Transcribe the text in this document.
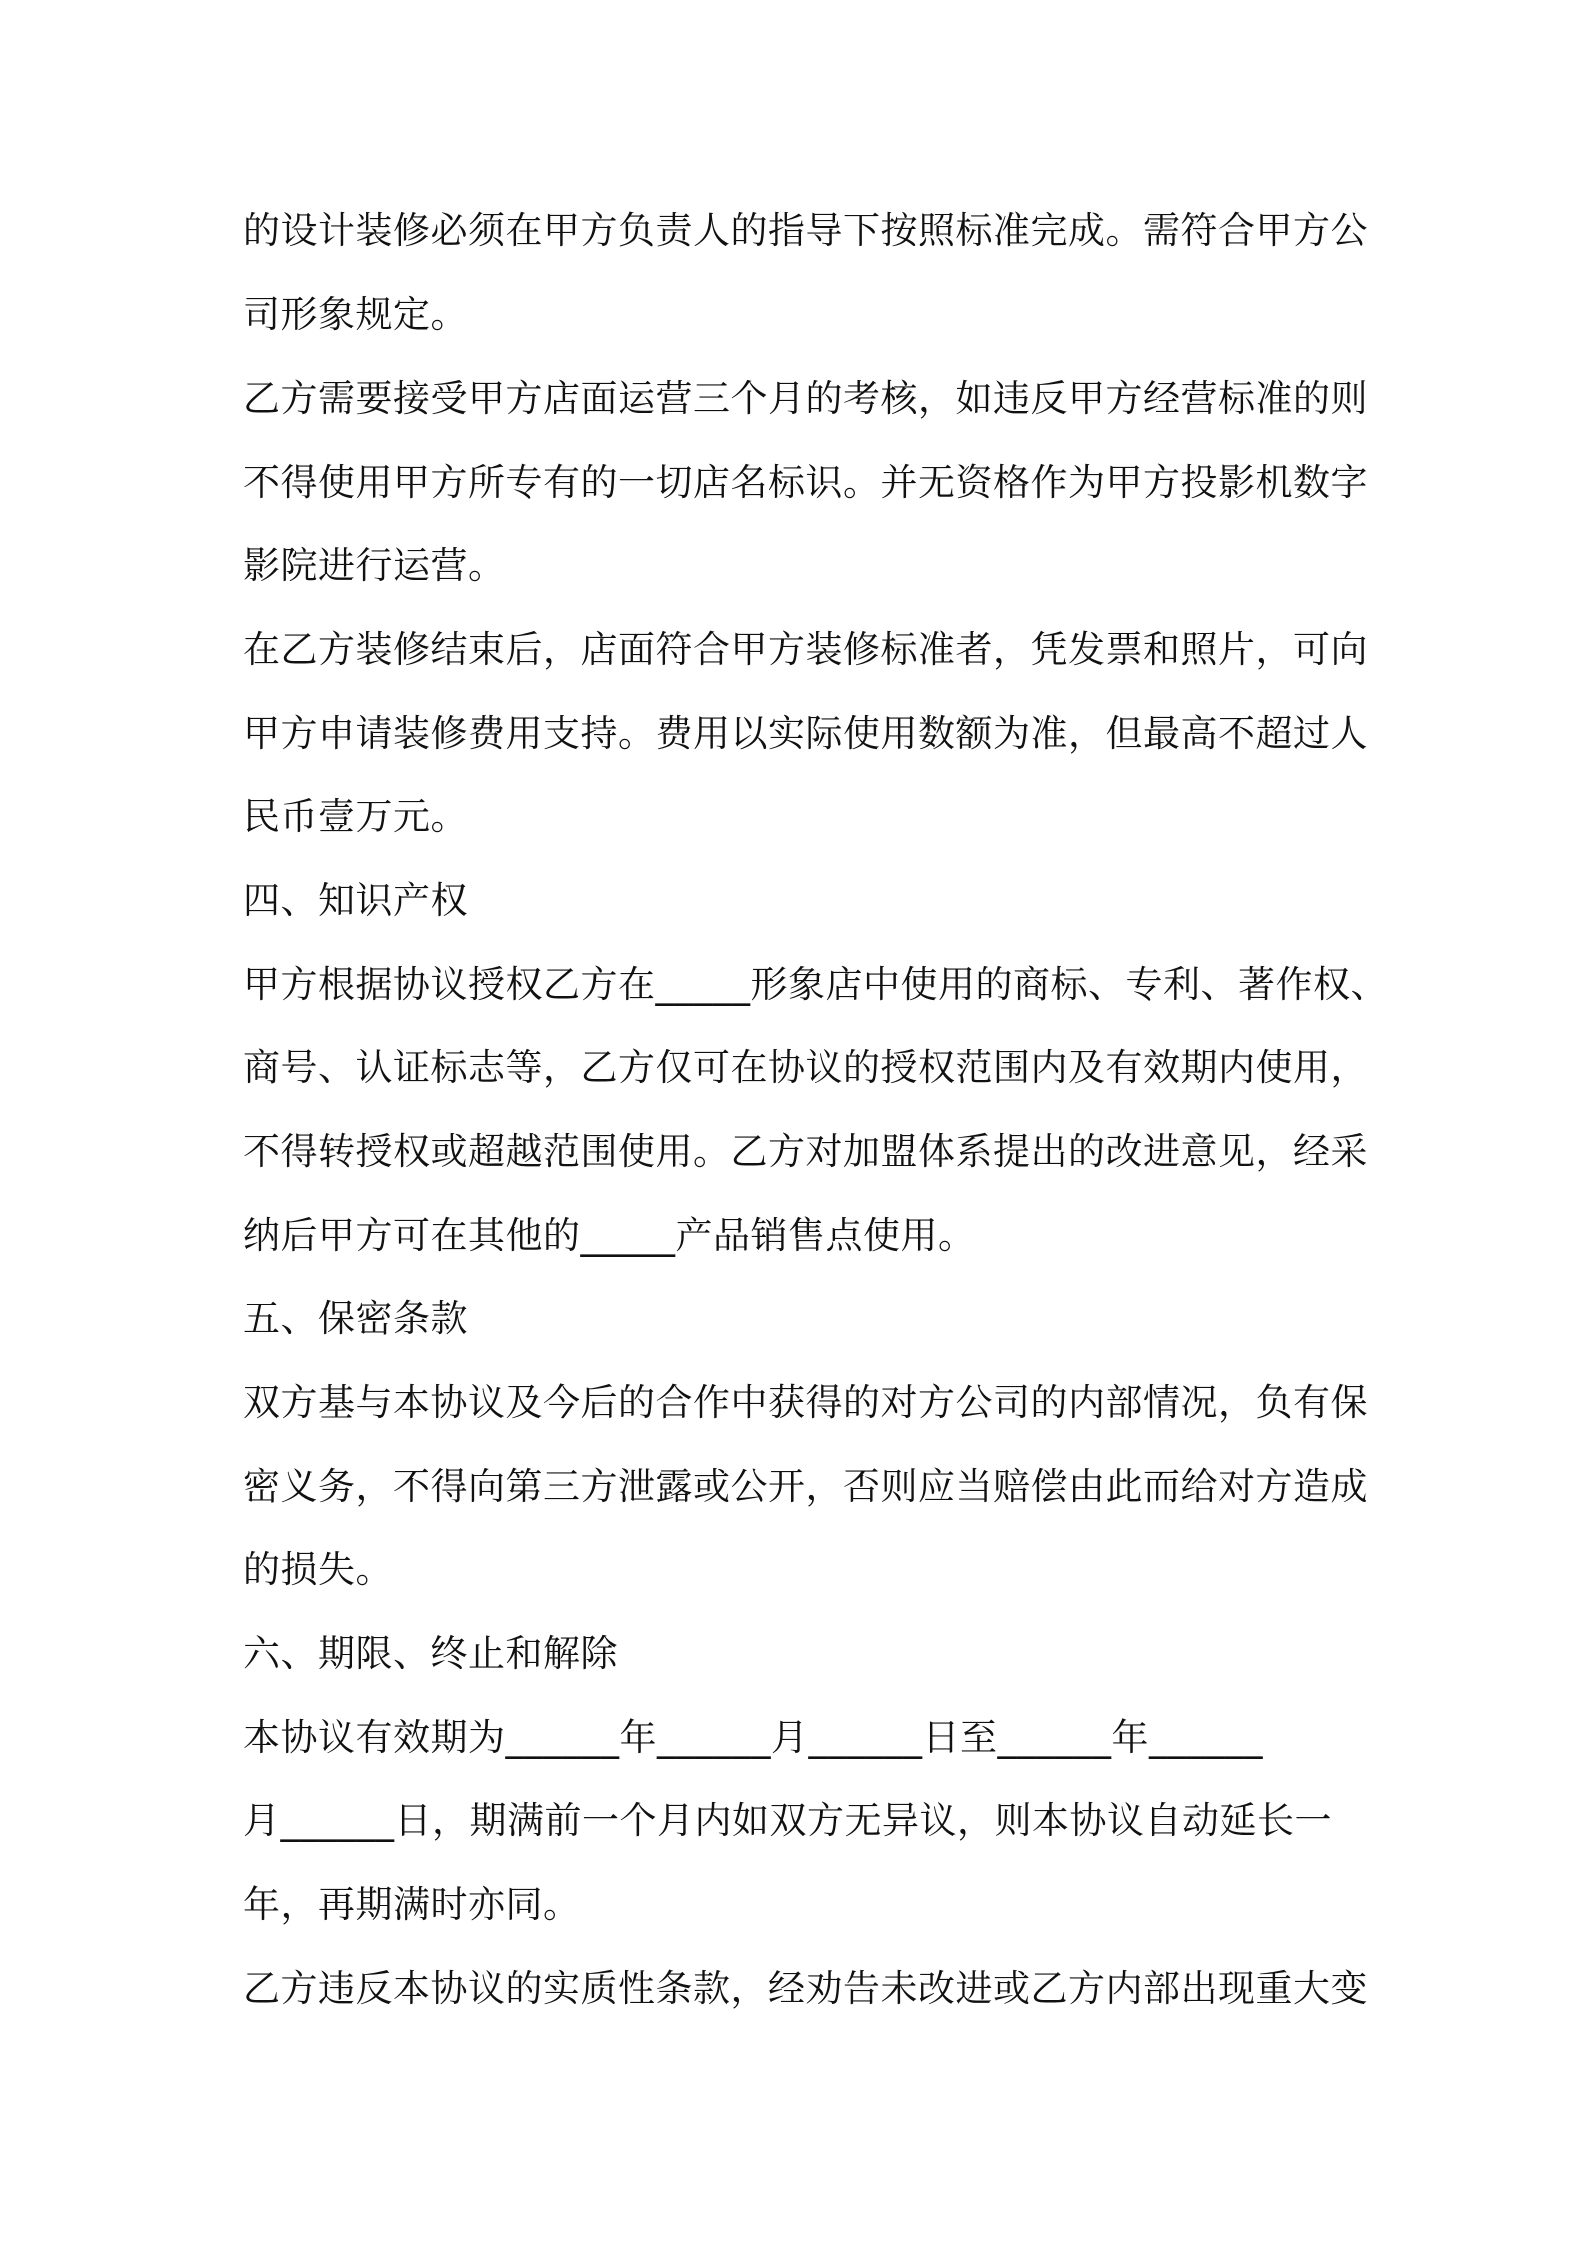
的设计装修必须在甲方负责人的指导下按照标准完成。需符合甲方公
司形象规定。
乙方需要接受甲方店面运营三个月的考核，如违反甲方经营标准的则
不得使用甲方所专有的一切店名标识。并无资格作为甲方投影机数字
影院进行运营。
在乙方装修结束后，店面符合甲方装修标准者，凭发票和照片，可向
甲方申请装修费用支持。费用以实际使用数额为准，但最高不超过人
民币壹万元。
四、知识产权
甲方根据协议授权乙方在_____形象店中使用的商标、专利、著作权、
商号、认证标志等，乙方仅可在协议的授权范围内及有效期内使用，
不得转授权或超越范围使用。乙方对加盟体系提出的改进意见，经采
纳后甲方可在其他的_____产品销售点使用。
五、保密条款
双方基与本协议及今后的合作中获得的对方公司的内部情况，负有保
密义务，不得向第三方泄露或公开，否则应当赔偿由此而给对方造成
的损失。
六、期限、终止和解除
本协议有效期为______年______月______日至______年______
月______日，期满前一个月内如双方无异议，则本协议自动延长一
年，再期满时亦同。
乙方违反本协议的实质性条款，经劝告未改进或乙方内部出现重大变
